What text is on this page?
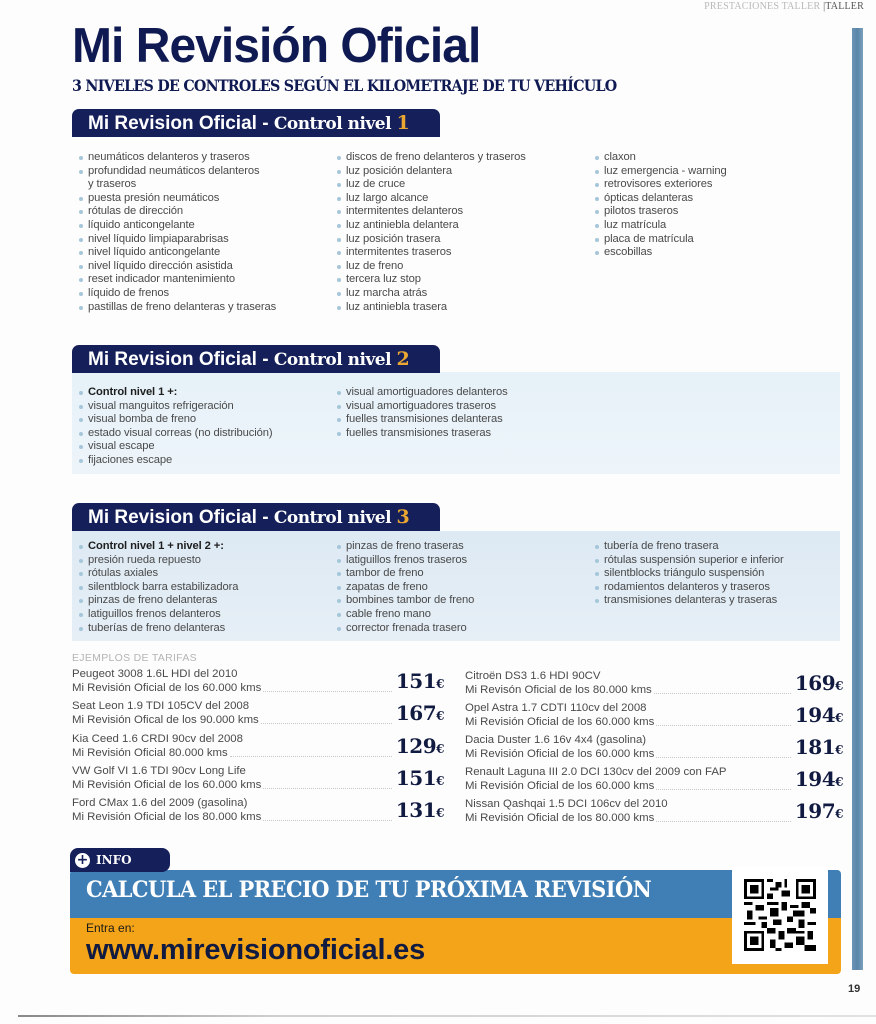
PRESTACIONES TALLER |TALLER
Mi Revisión Oficial
3 NIVELES DE CONTROLES SEGÚN EL KILOMETRAJE DE TU VEHÍCULO
Mi Revision Oficial - Control nivel 1
neumáticos delanteros y traseros
profundidad neumáticos delanteros
y traseros
puesta presión neumáticos
rótulas de dirección
líquido anticongelante
nivel líquido limpiaparabrisas
nivel líquido anticongelante
nivel líquido dirección asistida
reset indicador mantenimiento
líquido de frenos
pastillas de freno delanteras y traseras
discos de freno delanteros y traseros
luz posición delantera
luz de cruce
luz largo alcance
intermitentes delanteros
luz antiniebla delantera
luz posición trasera
intermitentes traseros
luz de freno
tercera luz stop
luz marcha atrás
luz antiniebla trasera
claxon
luz emergencia - warning
retrovisores exteriores
ópticas delanteras
pilotos traseros
luz matrícula
placa de matrícula
escobillas
Mi Revision Oficial - Control nivel 2
Control nivel 1 +:
visual manguitos refrigeración
visual bomba de freno
estado visual correas (no distribución)
visual escape
fijaciones escape
visual amortiguadores delanteros
visual amortiguadores traseros
fuelles transmisiones delanteras
fuelles transmisiones traseras
Mi Revision Oficial - Control nivel 3
Control nivel 1 + nivel 2 +:
presión rueda repuesto
rótulas axiales
silentblock barra estabilizadora
pinzas de freno delanteras
latiguillos frenos delanteros
tuberías de freno delanteras
pinzas de freno traseras
latiguillos frenos traseros
tambor de freno
zapatas de freno
bombines tambor de freno
cable freno mano
corrector frenada trasero
tubería de freno trasera
rótulas suspensión superior e inferior
silentblocks triángulo suspensión
rodamientos delanteros y traseros
transmisiones delanteras y traseras
EJEMPLOS DE TARIFAS
Peugeot 3008 1.6L HDI del 2010
Mi Revisión Oficial de los 60.000 kms	151€
Seat Leon 1.9 TDI 105CV del 2008
Mi Revisión Ofical de los 90.000 kms	167€
Kia Ceed 1.6 CRDI 90cv del 2008
Mi Revisión Oficial 80.000 kms	129€
VW Golf VI 1.6 TDI 90cv Long Life
Mi Revisión Oficial de los 60.000 kms	151€
Ford CMax 1.6 del 2009 (gasolina)
Mi Revisión Oficial de los 80.000 kms	131€
Citroën DS3 1.6 HDI 90CV
Mi Revisón Oficial de los 80.000 kms	169€
Opel Astra 1.7 CDTI 110cv del 2008
Mi Revisión Oficial de los 60.000 kms	194€
Dacia Duster 1.6 16v 4x4 (gasolina)
Mi Revisión Oficial de los 60.000 kms	181€
Renault Laguna III 2.0 DCI 130cv del 2009 con FAP
Mi Revisión Oficial de los 60.000 kms	194€
Nissan Qashqai 1.5 DCI 106cv del 2010
Mi Revisión Oficial de los 80.000 kms	197€
+ INFO
CALCULA EL PRECIO DE TU PRÓXIMA REVISIÓN
Entra en:
www.mirevisionoficial.es
19
